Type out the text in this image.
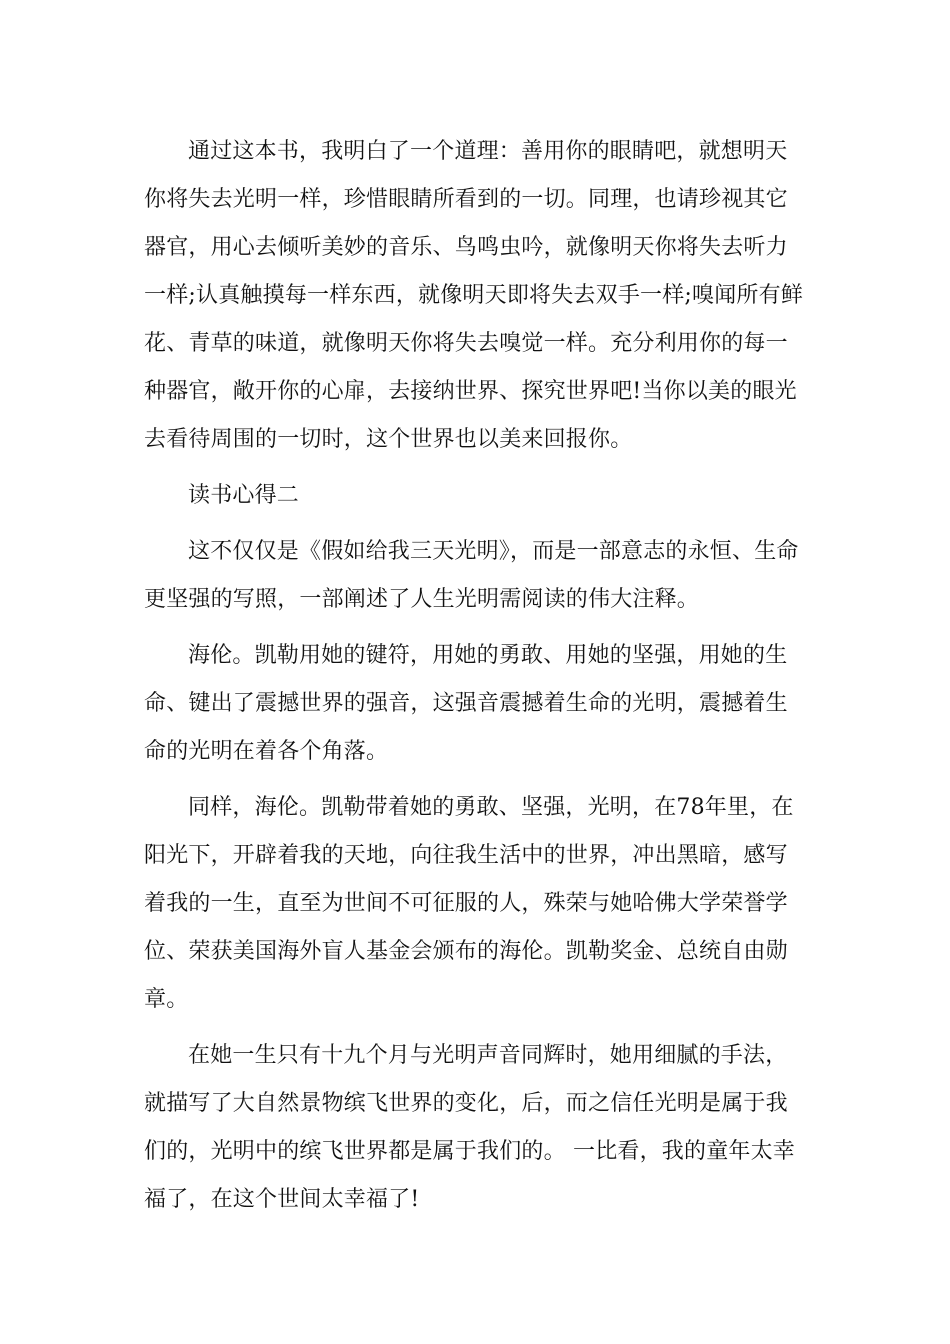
通过这本书，我明白了一个道理：善用你的眼睛吧，就想明天你将失去光明一样，珍惜眼睛所看到的一切。同理，也请珍视其它器官，用心去倾听美妙的音乐、鸟鸣虫吟，就像明天你将失去听力一样;认真触摸每一样东西，就像明天即将失去双手一样;嗅闻所有鲜花、青草的味道，就像明天你将失去嗅觉一样。充分利用你的每一种器官，敞开你的心扉，去接纳世界、探究世界吧!当你以美的眼光去看待周围的一切时，这个世界也以美来回报你。

读书心得二

这不仅仅是《假如给我三天光明》，而是一部意志的永恒、生命更坚强的写照，一部阐述了人生光明需阅读的伟大注释。

海伦。凯勒用她的键符，用她的勇敢、用她的坚强，用她的生命、键出了震撼世界的强音，这强音震撼着生命的光明，震撼着生命的光明在着各个角落。

同样，海伦。凯勒带着她的勇敢、坚强，光明，在78年里，在阳光下，开辟着我的天地，向往我生活中的世界，冲出黑暗，感写着我的一生，直至为世间不可征服的人，殊荣与她哈佛大学荣誉学位、荣获美国海外盲人基金会颁布的海伦。凯勒奖金、总统自由勋章。

在她一生只有十九个月与光明声音同辉时，她用细腻的手法，就描写了大自然景物缤飞世界的变化，后，而之信任光明是属于我们的，光明中的缤飞世界都是属于我们的。 一比看，我的童年太幸福了，在这个世间太幸福了!
